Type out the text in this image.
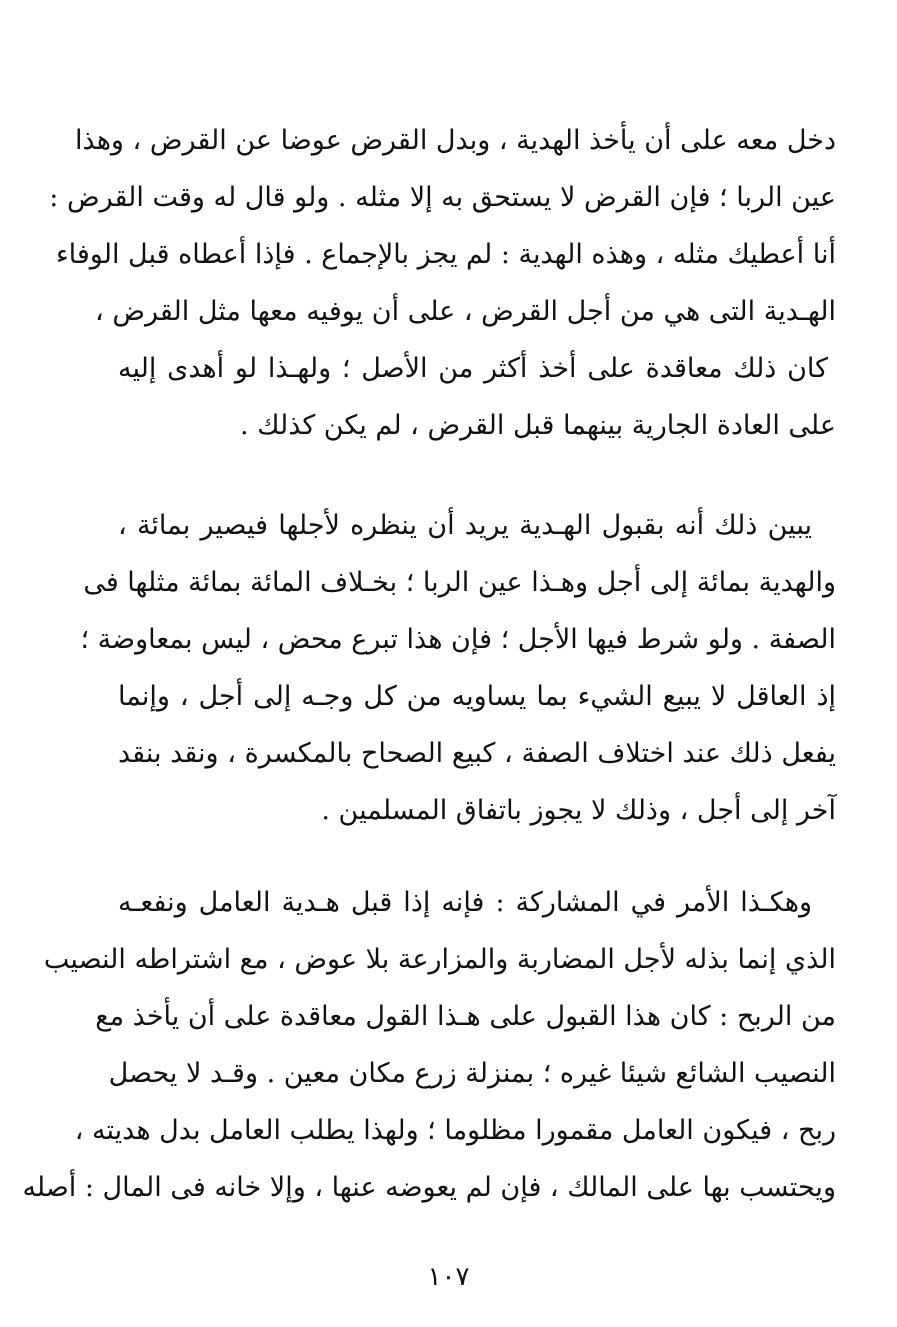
دخل معه على أن يأخذ الهدية ، وبدل القرض عوضا عن القرض ، وهذا
عين الربا ؛ فإن القرض لا يستحق به إلا مثله . ولو قال له وقت القرض :
أنا أعطيك مثله ، وهذه الهدية : لم يجز بالإجماع . فإذا أعطاه قبل الوفاء
الهـدية التى هي من أجل القرض ، على أن يوفيه معها مثل القرض ،
كان ذلك معاقدة على أخذ أكثر من الأصل ؛ ولهـذا لو أهدى إليه
على العادة الجارية بينهما قبل القرض ، لم يكن كذلك .
يبين ذلك أنه بقبول الهـدية يريد أن ينظره لأجلها فيصير بمائة ،
والهدية بمائة إلى أجل وهـذا عين الربا ؛ بخـلاف المائة بمائة مثلها فى
الصفة . ولو شرط فيها الأجل ؛ فإن هذا تبرع محض ، ليس بمعاوضة ؛
إذ العاقل لا يبيع الشيء بما يساويه من كل وجـه إلى أجل ، وإنما
يفعل ذلك عند اختلاف الصفة ، كبيع الصحاح بالمكسرة ، ونقد بنقد
آخر إلى أجل ، وذلك لا يجوز باتفاق المسلمين .
وهكـذا الأمر في المشاركة : فإنه إذا قبل هـدية العامل ونفعـه
الذي إنما بذله لأجل المضاربة والمزارعة بلا عوض ، مع اشتراطه النصيب
من الربح : كان هذا القبول على هـذا القول معاقدة على أن يأخذ مع
النصيب الشائع شيئا غيره ؛ بمنزلة زرع مكان معين . وقـد لا يحصل
ربح ، فيكون العامل مقمورا مظلوما ؛ ولهذا يطلب العامل بدل هديته ،
ويحتسب بها على المالك ، فإن لم يعوضه عنها ، وإلا خانه فى المال : أصله
١٠٧
